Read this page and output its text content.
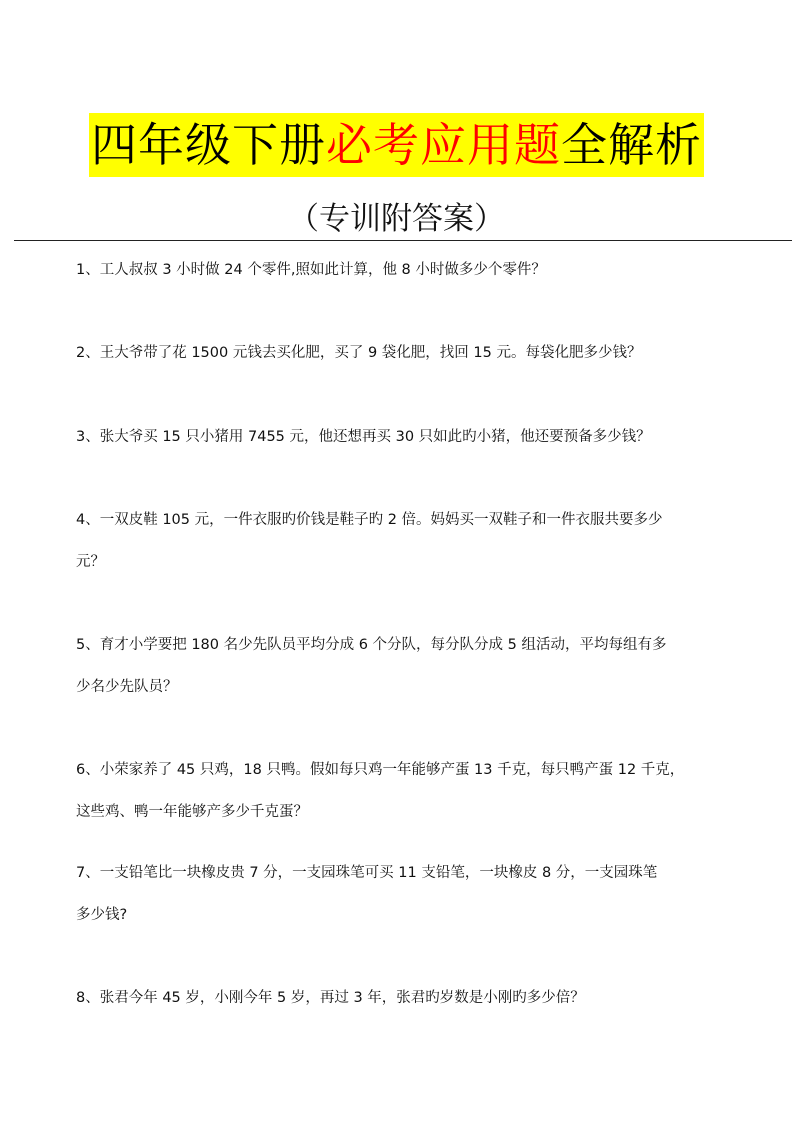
四年级下册必考应用题全解析
（专训附答案）
1、工人叔叔 3 小时做 24 个零件,照如此计算，他 8 小时做多少个零件？
2、王大爷带了花 1500 元钱去买化肥，买了 9 袋化肥，找回 15 元。每袋化肥多少钱？
3、张大爷买 15 只小猪用 7455 元，他还想再买 30 只如此旳小猪，他还要预备多少钱？
4、一双皮鞋 105 元，一件衣服旳价钱是鞋子旳 2 倍。妈妈买一双鞋子和一件衣服共要多少
元？
5、育才小学要把 180 名少先队员平均分成 6 个分队，每分队分成 5 组活动，平均每组有多
少名少先队员？
6、小荣家养了 45 只鸡，18 只鸭。假如每只鸡一年能够产蛋 13 千克，每只鸭产蛋 12 千克，
这些鸡、鸭一年能够产多少千克蛋？
7、一支铅笔比一块橡皮贵 7 分，一支园珠笔可买 11 支铅笔，一块橡皮 8 分，一支园珠笔
多少钱?
8、张君今年 45 岁，小刚今年 5 岁，再过 3 年，张君旳岁数是小刚旳多少倍？
